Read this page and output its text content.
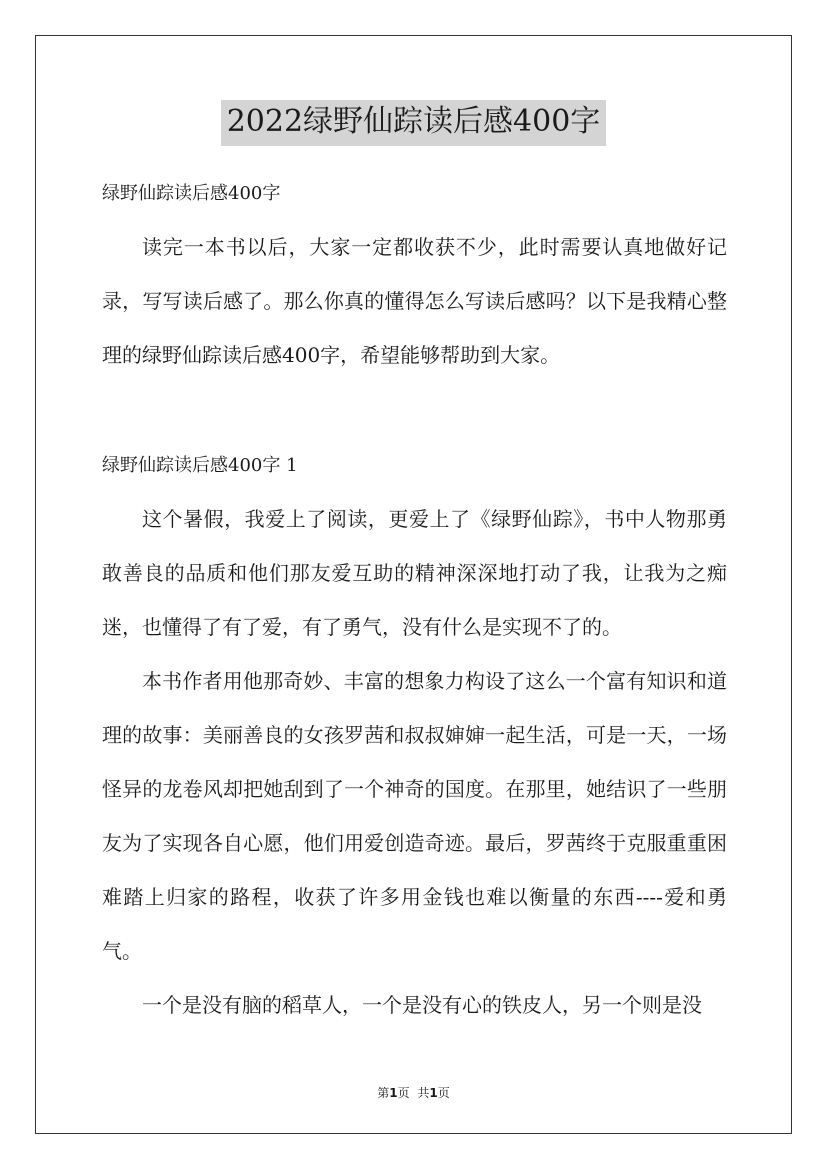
2022绿野仙踪读后感400字
绿野仙踪读后感400字

读完一本书以后，大家一定都收获不少，此时需要认真地做好记录，写写读后感了。那么你真的懂得怎么写读后感吗？以下是我精心整理的绿野仙踪读后感400字，希望能够帮助到大家。

绿野仙踪读后感400字 1

这个暑假，我爱上了阅读，更爱上了《绿野仙踪》，书中人物那勇敢善良的品质和他们那友爱互助的精神深深地打动了我，让我为之痴迷，也懂得了有了爱，有了勇气，没有什么是实现不了的。

本书作者用他那奇妙、丰富的想象力构设了这么一个富有知识和道理的故事：美丽善良的女孩罗茜和叔叔婶婶一起生活，可是一天，一场怪异的龙卷风却把她刮到了一个神奇的国度。在那里，她结识了一些朋友为了实现各自心愿，他们用爱创造奇迹。最后，罗茜终于克服重重困难踏上归家的路程，收获了许多用金钱也难以衡量的东西----爱和勇气。

一个是没有脑的稻草人，一个是没有心的铁皮人，另一个则是没

第1页 共1页
